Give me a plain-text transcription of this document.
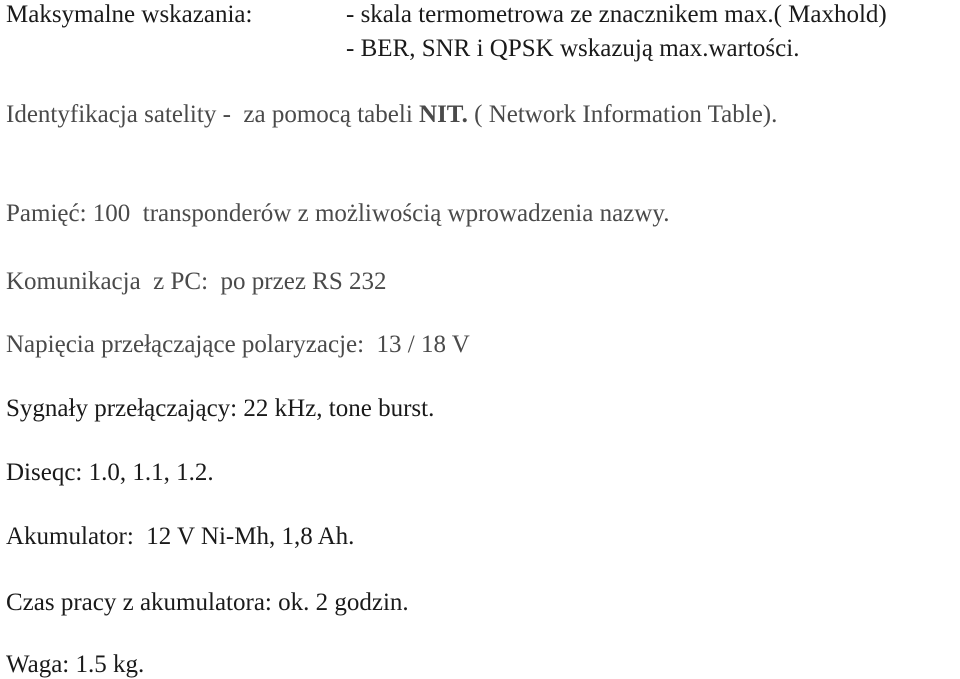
Maksymalne wskazania:	- skala termometrowa ze znacznikem max.( Maxhold)
- BER, SNR i QPSK wskazują max.wartości.
Identyfikacja satelity -  za pomocą tabeli NIT. ( Network Information Table).
Pamięć: 100  transponderów z możliwością wprowadzenia nazwy.
Komunikacja  z PC:  po przez RS 232
Napięcia przełączające polaryzacje:  13 / 18 V
Sygnały przełączający: 22 kHz, tone burst.
Diseqc: 1.0, 1.1, 1.2.
Akumulator:  12 V Ni-Mh, 1,8 Ah.
Czas pracy z akumulatora: ok. 2 godzin.
Waga: 1.5 kg.
